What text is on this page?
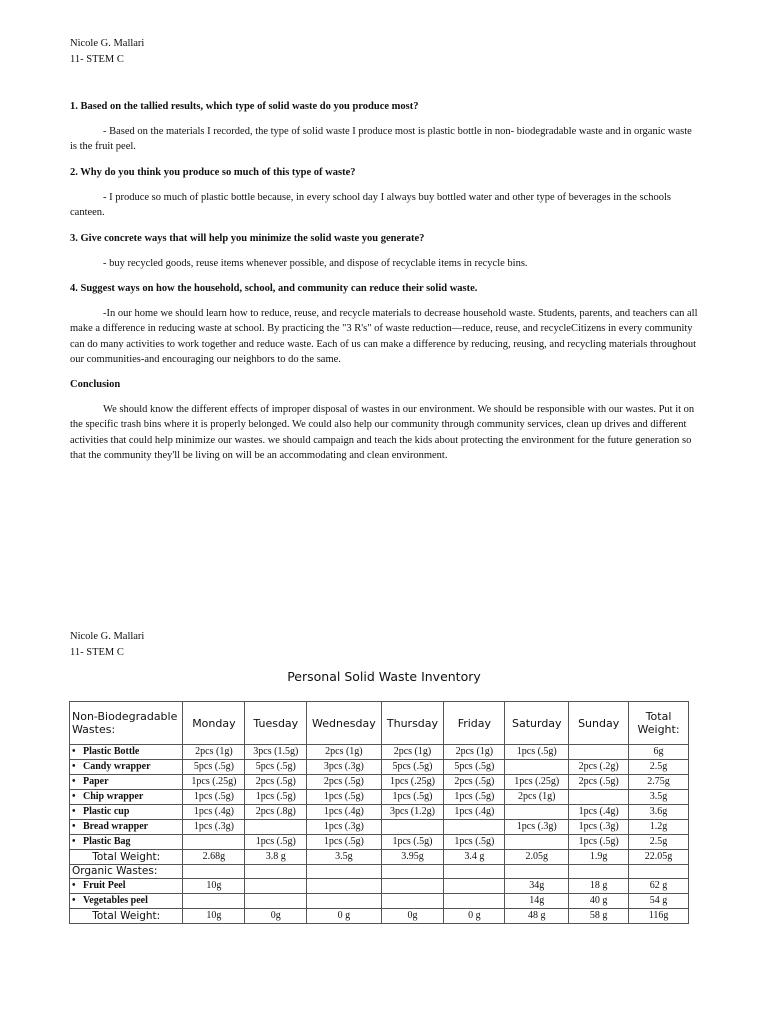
Nicole G. Mallari
11- STEM C

1. Based on the tallied results, which type of solid waste do you produce most?

- Based on the materials I recorded, the type of solid waste I produce most is plastic bottle in non- biodegradable waste and in organic waste is the fruit peel.

2. Why do you think you produce so much of this type of waste?

- I produce so much of plastic bottle because, in every school day I always buy bottled water and other type of beverages in the schools canteen.

3. Give concrete ways that will help you minimize the solid waste you generate?

- buy recycled goods, reuse items whenever possible, and dispose of recyclable items in recycle bins.

4. Suggest ways on how the household, school, and community can reduce their solid waste.

-In our home we should learn how to reduce, reuse, and recycle materials to decrease household waste. Students, parents, and teachers can all make a difference in reducing waste at school. By practicing the "3 R's" of waste reduction—reduce, reuse, and recycleCitizens in every community can do many activities to work together and reduce waste. Each of us can make a difference by reducing, reusing, and recycling materials throughout our communities-and encouraging our neighbors to do the same.

Conclusion

We should know the different effects of improper disposal of wastes in our environment. We should be responsible with our wastes. Put it on the specific trash bins where it is properly belonged. We could also help our community through community services, clean up drives and different activities that could help minimize our wastes. we should campaign and teach the kids about protecting the environment for the future generation so that the community they'll be living on will be an accommodating and clean environment.

Nicole G. Mallari
11- STEM C
Personal Solid Waste Inventory
Non-Biodegradable Wastes:	Monday	Tuesday	Wednesday	Thursday	Friday	Saturday	Sunday	Total Weight:
• Plastic Bottle	2pcs (1g)	3pcs (1.5g)	2pcs (1g)	2pcs (1g)	2pcs (1g)	1pcs (.5g)		6g
• Candy wrapper	5pcs (.5g)	5pcs (.5g)	3pcs (.3g)	5pcs (.5g)	5pcs (.5g)		2pcs (.2g)	2.5g
• Paper	1pcs (.25g)	2pcs (.5g)	2pcs (.5g)	1pcs (.25g)	2pcs (.5g)	1pcs (.25g)	2pcs (.5g)	2.75g
• Chip wrapper	1pcs (.5g)	1pcs (.5g)	1pcs (.5g)	1pcs (.5g)	1pcs (.5g)	2pcs (1g)		3.5g
• Plastic cup	1pcs (.4g)	2pcs (.8g)	1pcs (.4g)	3pcs (1.2g)	1pcs (.4g)		1pcs (.4g)	3.6g
• Bread wrapper	1pcs (.3g)		1pcs (.3g)			1pcs (.3g)	1pcs (.3g)	1.2g
• Plastic Bag		1pcs (.5g)	1pcs (.5g)	1pcs (.5g)	1pcs (.5g)		1pcs (.5g)	2.5g
Total Weight:	2.68g	3.8 g	3.5g	3.95g	3.4 g	2.05g	1.9g	22.05g
Organic Wastes:								
• Fruit Peel	10g					34g	18 g	62 g
• Vegetables peel						14g	40 g	54 g
Total Weight:	10g	0g	0 g	0g	0 g	48 g	58 g	116g
